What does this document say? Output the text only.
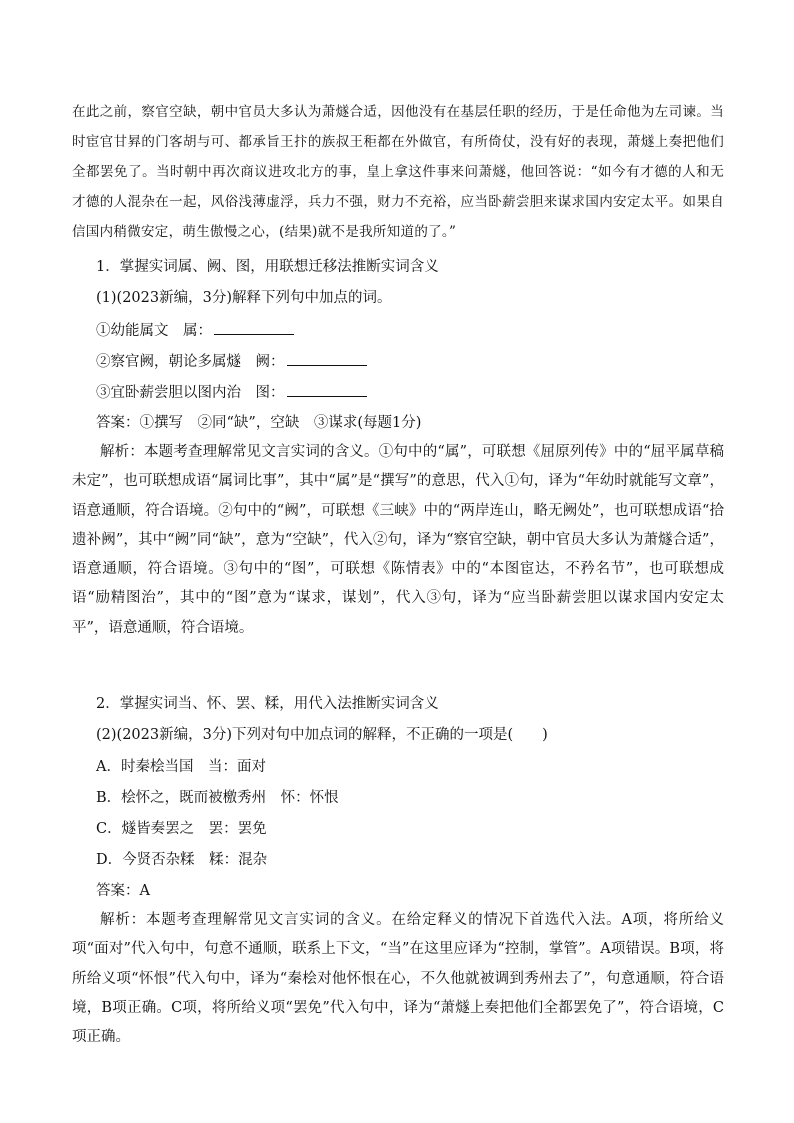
在此之前，察官空缺，朝中官员大多认为萧燧合适，因他没有在基层任职的经历，于是任命他为左司谏。当时宦官甘昪的门客胡与可、都承旨王抃的族叔王秬都在外做官，有所倚仗，没有好的表现，萧燧上奏把他们全都罢免了。当时朝中再次商议进攻北方的事，皇上拿这件事来问萧燧，他回答说：“如今有才德的人和无才德的人混杂在一起，风俗浅薄虚浮，兵力不强，财力不充裕，应当卧薪尝胆来谋求国内安定太平。如果自信国内稍微安定，萌生傲慢之心，(结果)就不是我所知道的了。”

1．掌握实词属、阙、图，用联想迁移法推断实词含义
(1)(2023新编，3分)解释下列句中加点的词。
①幼能属文　属：
②察官阙，朝论多属燧　阙：
③宜卧薪尝胆以图内治　图：
答案：①撰写　②同“缺”，空缺　③谋求(每题1分)

解析：本题考查理解常见文言实词的含义。①句中的“属”，可联想《屈原列传》中的“屈平属草稿未定”，也可联想成语“属词比事”，其中“属”是“撰写”的意思，代入①句，译为“年幼时就能写文章”，语意通顺，符合语境。②句中的“阙”，可联想《三峡》中的“两岸连山，略无阙处”，也可联想成语“拾遗补阙”，其中“阙”同“缺”，意为“空缺”，代入②句，译为“察官空缺，朝中官员大多认为萧燧合适”，语意通顺，符合语境。③句中的“图”，可联想《陈情表》中的“本图宦达，不矜名节”，也可联想成语“励精图治”，其中的“图”意为“谋求，谋划”，代入③句，译为“应当卧薪尝胆以谋求国内安定太平”，语意通顺，符合语境。

2．掌握实词当、怀、罢、糅，用代入法推断实词含义
(2)(2023新编，3分)下列对句中加点词的解释，不正确的一项是(　　)
A．时秦桧当国　当：面对
B．桧怀之，既而被檄秀州　怀：怀恨
C．燧皆奏罢之　罢：罢免
D．今贤否杂糅　糅：混杂
答案：A

解析：本题考查理解常见文言实词的含义。在给定释义的情况下首选代入法。A项，将所给义项“面对”代入句中，句意不通顺，联系上下文，“当”在这里应译为“控制，掌管”。A项错误。B项，将所给义项“怀恨”代入句中，译为“秦桧对他怀恨在心，不久他就被调到秀州去了”，句意通顺，符合语境，B项正确。C项，将所给义项“罢免”代入句中，译为“萧燧上奏把他们全都罢免了”，符合语境，C项正确。
